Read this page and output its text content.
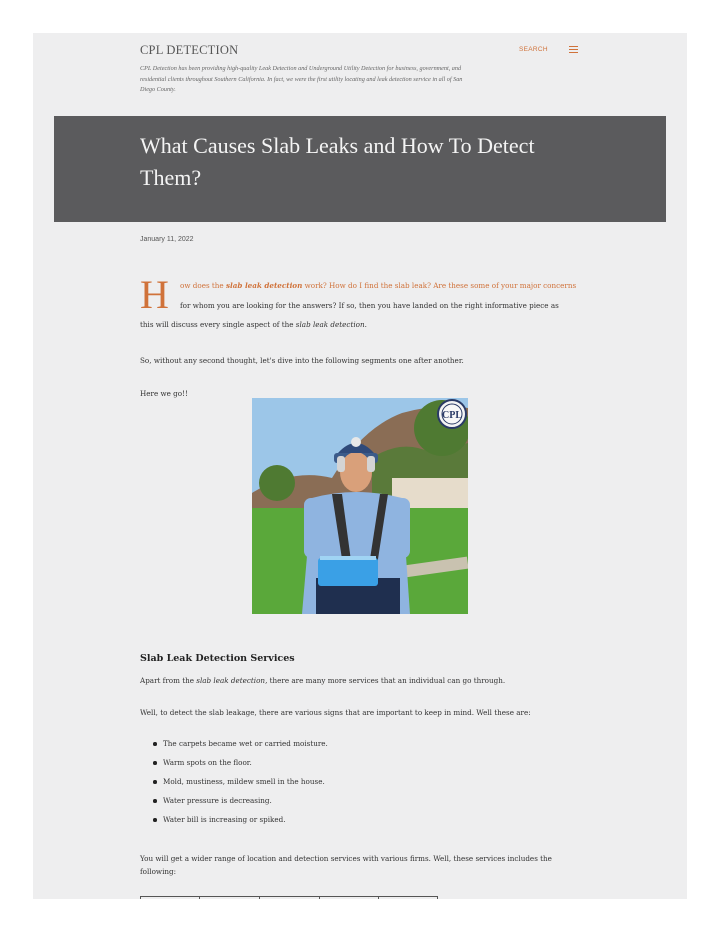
CPL DETECTION
CPL Detection has been providing high-quality Leak Detection and Underground Utility Detection for business, government, and residential clients throughout Southern California. In fact, we were the first utility locating and leak detection service in all of San Diego County.
SEARCH
What Causes Slab Leaks and How To Detect Them?
January 11, 2022
H ow does the slab leak detection work? How do I find the slab leak? Are these some of your major concerns
for whom you are looking for the answers? If so, then you have landed on the right informative piece as
this will discuss every single aspect of the slab leak detection.
So, without any second thought, let's dive into the following segments one after another.
Here we go!!
CPL
Slab Leak Detection Services
Apart from the slab leak detection, there are many more services that an individual can go through.
Well, to detect the slab leakage, there are various signs that are important to keep in mind. Well these are:
The carpets became wet or carried moisture.
Warm spots on the floor.
Mold, mustiness, mildew smell in the house.
Water pressure is decreasing.
Water bill is increasing or spiked.
You will get a wider range of location and detection services with various firms. Well, these services includes the following:
